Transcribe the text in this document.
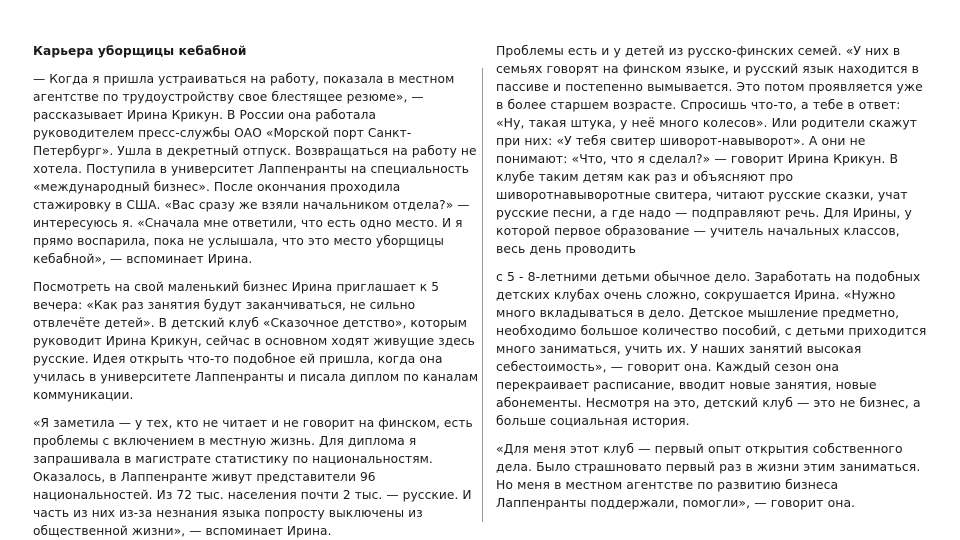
Карьера уборщицы кебабной

— Когда я пришла устраиваться на работу, показала в местном агентстве по трудоустройству свое блестящее резюме», — рассказывает Ирина Крикун. В России она работала руководителем пресс-службы ОАО «Морской порт Санкт-Петербург». Ушла в декретный отпуск. Возвращаться на работу не хотела. Поступила в университет Лаппенранты на специальность «международный бизнес». После окончания проходила стажировку в США. «Вас сразу же взяли начальником отдела?» — интересуюсь я. «Сначала мне ответили, что есть одно место. И я прямо воспарила, пока не услышала, что это место уборщицы кебабной», — вспоминает Ирина.

Посмотреть на свой маленький бизнес Ирина приглашает к 5 вечера: «Как раз занятия будут заканчиваться, не сильно отвлечёте детей». В детский клуб «Сказочное детство», которым руководит Ирина Крикун, сейчас в основном ходят живущие здесь русские. Идея открыть что-то подобное ей пришла, когда она училась в университете Лаппенранты и писала диплом по каналам коммуникации.

«Я заметила — у тех, кто не читает и не говорит на финском, есть проблемы с включением в местную жизнь. Для диплома я запрашивала в магистрате статистику по национальностям. Оказалось, в Лаппенранте живут представители 96 национальностей. Из 72 тыс. населения почти 2 тыс. — русские. И часть из них из-за незнания языка попросту выключены из общественной жизни», — вспоминает Ирина.

Проблемы есть и у детей из русско-финских семей. «У них в семьях говорят на финском языке, и русский язык находится в пассиве и постепенно вымывается. Это потом проявляется уже в более старшем возрасте. Спросишь что-то, а тебе в ответ: «Ну, такая штука, у неё много колесов». Или родители скажут при них: «У тебя свитер шиворот-навыворот». А они не понимают: «Что, что я сделал?» — говорит Ирина Крикун. В клубе таким детям как раз и объясняют про шиворотнавыворотные свитера, читают русские сказки, учат русские песни, а где надо — подправляют речь. Для Ирины, у которой первое образование — учитель начальных классов, весь день проводить

с 5 - 8-летними детьми обычное дело. Заработать на подобных детских клубах очень сложно, сокрушается Ирина. «Нужно много вкладываться в дело. Детское мышление предметно, необходимо большое количество пособий, с детьми приходится много заниматься, учить их. У наших занятий высокая себестоимость», — говорит она. Каждый сезон она перекраивает расписание, вводит новые занятия, новые абонементы. Несмотря на это, детский клуб — это не бизнес, а больше социальная история.

«Для меня этот клуб — первый опыт открытия собственного дела. Было страшновато первый раз в жизни этим заниматься. Но меня в местном агентстве по развитию бизнеса Лаппенранты поддержали, помогли», — говорит она.
